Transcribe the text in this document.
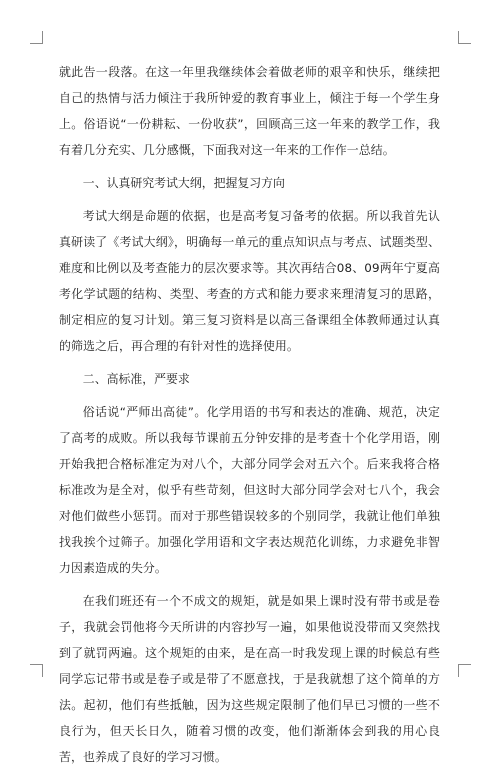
就此告一段落。在这一年里我继续体会着做老师的艰辛和快乐，继续把自己的热情与活力倾注于我所钟爱的教育事业上，倾注于每一个学生身上。俗语说“一份耕耘、一份收获”，回顾高三这一年来的教学工作，我有着几分充实、几分感慨，下面我对这一年来的工作作一总结。

一、认真研究考试大纲，把握复习方向

考试大纲是命题的依据，也是高考复习备考的依据。所以我首先认真研读了《考试大纲》，明确每一单元的重点知识点与考点、试题类型、难度和比例以及考查能力的层次要求等。其次再结合08、09两年宁夏高考化学试题的结构、类型、考查的方式和能力要求来理清复习的思路，制定相应的复习计划。第三复习资料是以高三备课组全体教师通过认真的筛选之后，再合理的有针对性的选择使用。

二、高标准，严要求

俗话说“严师出高徒”。化学用语的书写和表达的准确、规范，决定了高考的成败。所以我每节课前五分钟安排的是考查十个化学用语，刚开始我把合格标准定为对八个，大部分同学会对五六个。后来我将合格标准改为是全对，似乎有些苛刻，但这时大部分同学会对七八个，我会对他们做些小惩罚。而对于那些错误较多的个别同学，我就让他们单独找我挨个过筛子。加强化学用语和文字表达规范化训练，力求避免非智力因素造成的失分。

在我们班还有一个不成文的规矩，就是如果上课时没有带书或是卷子，我就会罚他将今天所讲的内容抄写一遍，如果他说没带而又突然找到了就罚两遍。这个规矩的由来，是在高一时我发现上课的时候总有些同学忘记带书或是卷子或是带了不愿意找，于是我就想了这个简单的方法。起初，他们有些抵触，因为这些规定限制了他们早已习惯的一些不良行为，但天长日久，随着习惯的改变，他们渐渐体会到我的用心良苦，也养成了良好的学习习惯。
